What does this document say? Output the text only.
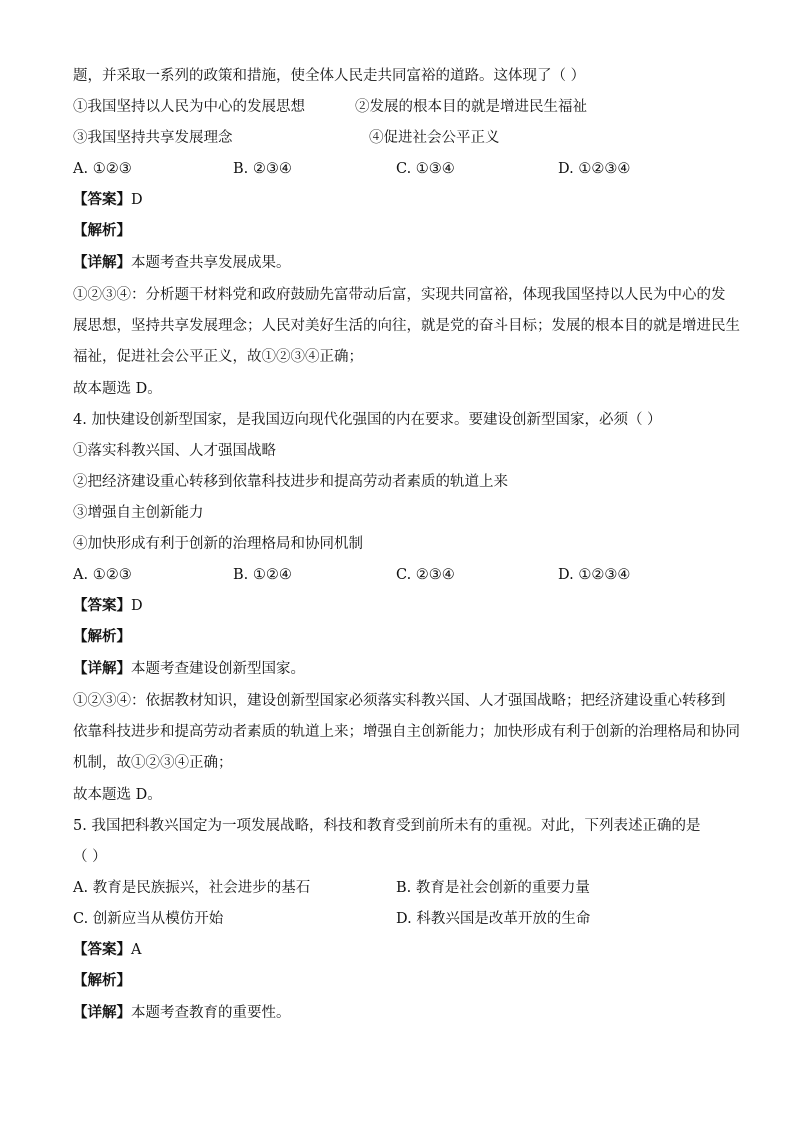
题，并采取一系列的政策和措施，使全体人民走共同富裕的道路。这体现了（ ）
①我国坚持以人民为中心的发展思想	②发展的根本目的就是增进民生福祉
③我国坚持共享发展理念	④促进社会公平正义
A. ①②③	B. ②③④	C. ①③④	D. ①②③④
【答案】D
【解析】
【详解】本题考查共享发展成果。
①②③④：分析题干材料党和政府鼓励先富带动后富，实现共同富裕，体现我国坚持以人民为中心的发
展思想，坚持共享发展理念；人民对美好生活的向往，就是党的奋斗目标；发展的根本目的就是增进民生
福祉，促进社会公平正义，故①②③④正确；
故本题选 D。
4. 加快建设创新型国家，是我国迈向现代化强国的内在要求。要建设创新型国家，必须（ ）
①落实科教兴国、人才强国战略
②把经济建设重心转移到依靠科技进步和提高劳动者素质的轨道上来
③增强自主创新能力
④加快形成有利于创新的治理格局和协同机制
A. ①②③	B. ①②④	C. ②③④	D. ①②③④
【答案】D
【解析】
【详解】本题考查建设创新型国家。
①②③④：依据教材知识，建设创新型国家必须落实科教兴国、人才强国战略；把经济建设重心转移到
依靠科技进步和提高劳动者素质的轨道上来；增强自主创新能力；加快形成有利于创新的治理格局和协同
机制，故①②③④正确；
故本题选 D。
5. 我国把科教兴国定为一项发展战略，科技和教育受到前所未有的重视。对此，下列表述正确的是
（ ）
A. 教育是民族振兴，社会进步的基石	B. 教育是社会创新的重要力量
C. 创新应当从模仿开始	D. 科教兴国是改革开放的生命
【答案】A
【解析】
【详解】本题考查教育的重要性。
